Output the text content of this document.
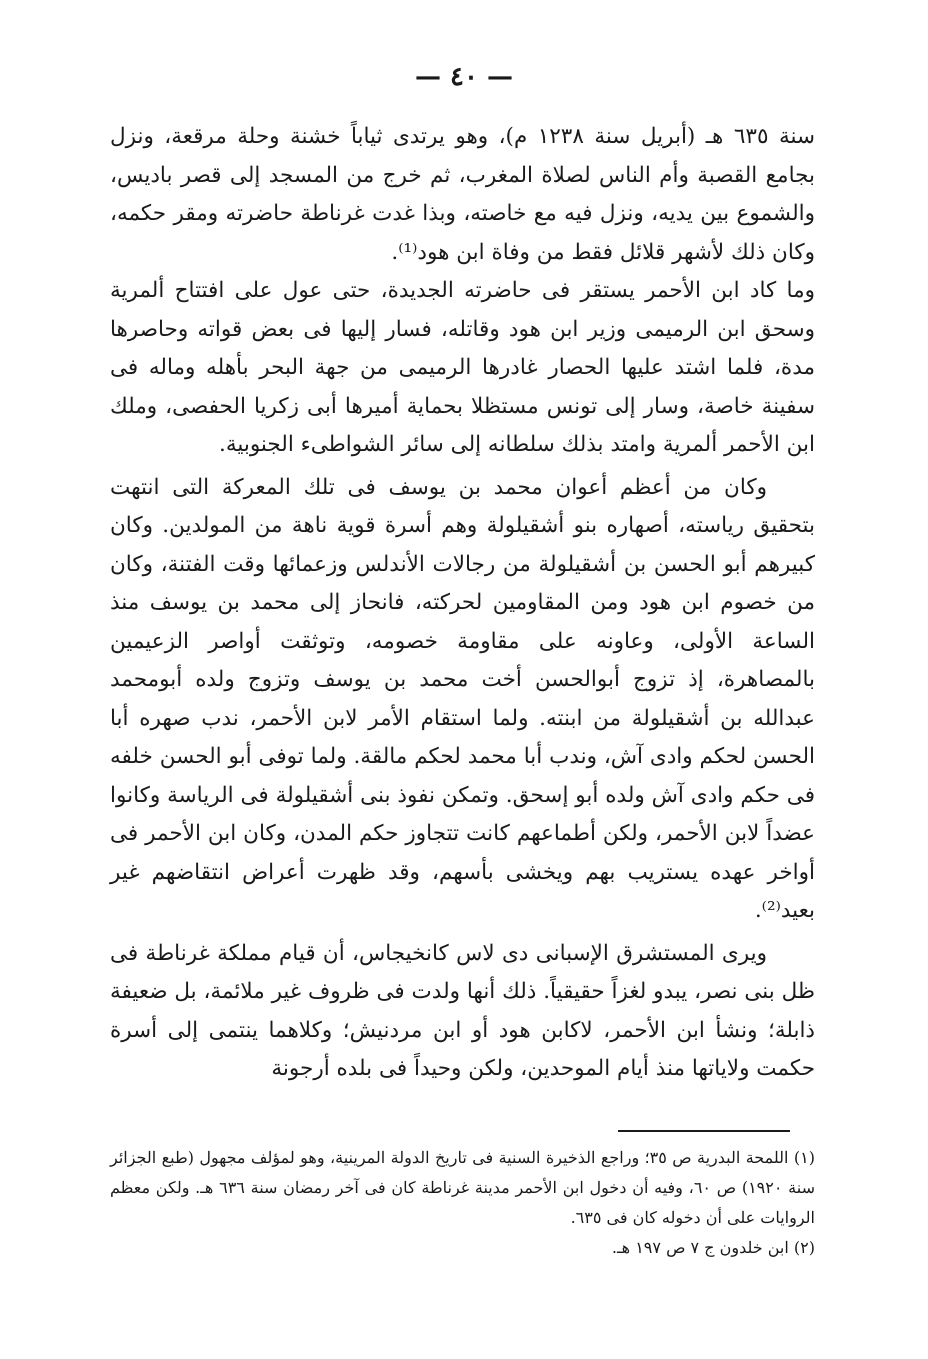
— ٤٠ —

سنة ٦٣٥ هـ (أبريل سنة ١٢٣٨ م)، وهو يرتدى ثياباً خشنة وحلة مرقعة، ونزل بجامع القصبة وأم الناس لصلاة المغرب، ثم خرج من المسجد إلى قصر باديس، والشموع بين يديه، ونزل فيه مع خاصته، وبذا غدت غرناطة حاضرته ومقر حكمه، وكان ذلك لأشهر قلائل فقط من وفاة ابن هود⁽¹⁾.

وما كاد ابن الأحمر يستقر فى حاضرته الجديدة، حتى عول على افتتاح ألمرية وسحق ابن الرميمى وزير ابن هود وقاتله، فسار إليها فى بعض قواته وحاصرها مدة، فلما اشتد عليها الحصار غادرها الرميمى من جهة البحر بأهله وماله فى سفينة خاصة، وسار إلى تونس مستظلا بحماية أميرها أبى زكريا الحفصى، وملك ابن الأحمر ألمرية وامتد بذلك سلطانه إلى سائر الشواطىء الجنوبية.

وكان من أعظم أعوان محمد بن يوسف فى تلك المعركة التى انتهت بتحقيق رياسته، أصهاره بنو أشقيلولة وهم أسرة قوية ناهة من المولدين. وكان كبيرهم أبو الحسن بن أشقيلولة من رجالات الأندلس وزعمائها وقت الفتنة، وكان من خصوم ابن هود ومن المقاومين لحركته، فانحاز إلى محمد بن يوسف منذ الساعة الأولى، وعاونه على مقاومة خصومه، وتوثقت أواصر الزعيمين بالمصاهرة، إذ تزوج أبوالحسن أخت محمد بن يوسف وتزوج ولده أبومحمد عبدالله بن أشقيلولة من ابنته. ولما استقام الأمر لابن الأحمر، ندب صهره أبا الحسن لحكم وادى آش، وندب أبا محمد لحكم مالقة. ولما توفى أبو الحسن خلفه فى حكم وادى آش ولده أبو إسحق. وتمكن نفوذ بنى أشقيلولة فى الرياسة وكانوا عضداً لابن الأحمر، ولكن أطماعهم كانت تتجاوز حكم المدن، وكان ابن الأحمر فى أواخر عهده يستريب بهم ويخشى بأسهم، وقد ظهرت أعراض انتقاضهم غير بعيد⁽²⁾.

ويرى المستشرق الإسبانى دى لاس كانخيجاس، أن قيام مملكة غرناطة فى ظل بنى نصر، يبدو لغزاً حقيقياً. ذلك أنها ولدت فى ظروف غير ملائمة، بل ضعيفة ذابلة؛ ونشأ ابن الأحمر، لاكابن هود أو ابن مردنيش؛ وكلاهما ينتمى إلى أسرة حكمت ولاياتها منذ أيام الموحدين، ولكن وحيداً فى بلده أرجونة

(١) اللمحة البدرية ص ٣٥؛ وراجع الذخيرة السنية فى تاريخ الدولة المرينية، وهو لمؤلف مجهول (طبع الجزائر سنة ١٩٢٠) ص ٦٠، وفيه أن دخول ابن الأحمر مدينة غرناطة كان فى آخر رمضان سنة ٦٣٦ هـ. ولكن معظم الروايات على أن دخوله كان فى ٦٣٥.

(٢) ابن خلدون ج ٧ ص ١٩٧ هـ.
